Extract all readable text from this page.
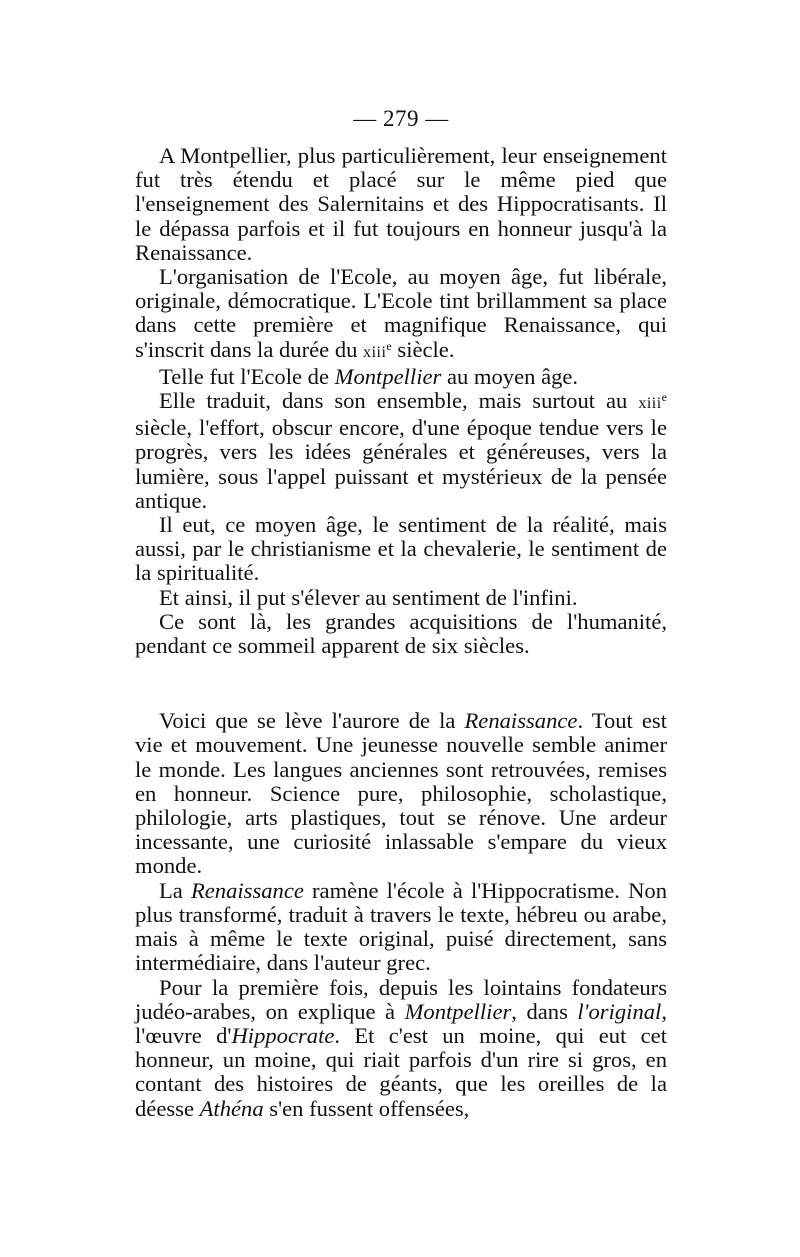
— 279 —

A Montpellier, plus particulièrement, leur enseignement fut très étendu et placé sur le même pied que l'enseignement des Salernitains et des Hippocratisants. Il le dépassa parfois et il fut toujours en honneur jusqu'à la Renaissance.

L'organisation de l'Ecole, au moyen âge, fut libérale, originale, démocratique. L'Ecole tint brillamment sa place dans cette première et magnifique Renaissance, qui s'inscrit dans la durée du xiii$^e$ siècle.

Telle fut l'Ecole de Montpellier au moyen âge.

Elle traduit, dans son ensemble, mais surtout au xiii$^e$ siècle, l'effort, obscur encore, d'une époque tendue vers le progrès, vers les idées générales et généreuses, vers la lumière, sous l'appel puissant et mystérieux de la pensée antique.

Il eut, ce moyen âge, le sentiment de la réalité, mais aussi, par le christianisme et la chevalerie, le sentiment de la spiritualité.

Et ainsi, il put s'élever au sentiment de l'infini.

Ce sont là, les grandes acquisitions de l'humanité, pendant ce sommeil apparent de six siècles.

Voici que se lève l'aurore de la Renaissance. Tout est vie et mouvement. Une jeunesse nouvelle semble animer le monde. Les langues anciennes sont retrouvées, remises en honneur. Science pure, philosophie, scholastique, philologie, arts plastiques, tout se rénove. Une ardeur incessante, une curiosité inlassable s'empare du vieux monde.

La Renaissance ramène l'école à l'Hippocratisme. Non plus transformé, traduit à travers le texte, hébreu ou arabe, mais à même le texte original, puisé directement, sans intermédiaire, dans l'auteur grec.

Pour la première fois, depuis les lointains fondateurs judéo-arabes, on explique à Montpellier, dans l'original, l'œuvre d'Hippocrate. Et c'est un moine, qui eut cet honneur, un moine, qui riait parfois d'un rire si gros, en contant des histoires de géants, que les oreilles de la déesse Athéna s'en fussent offensées,
